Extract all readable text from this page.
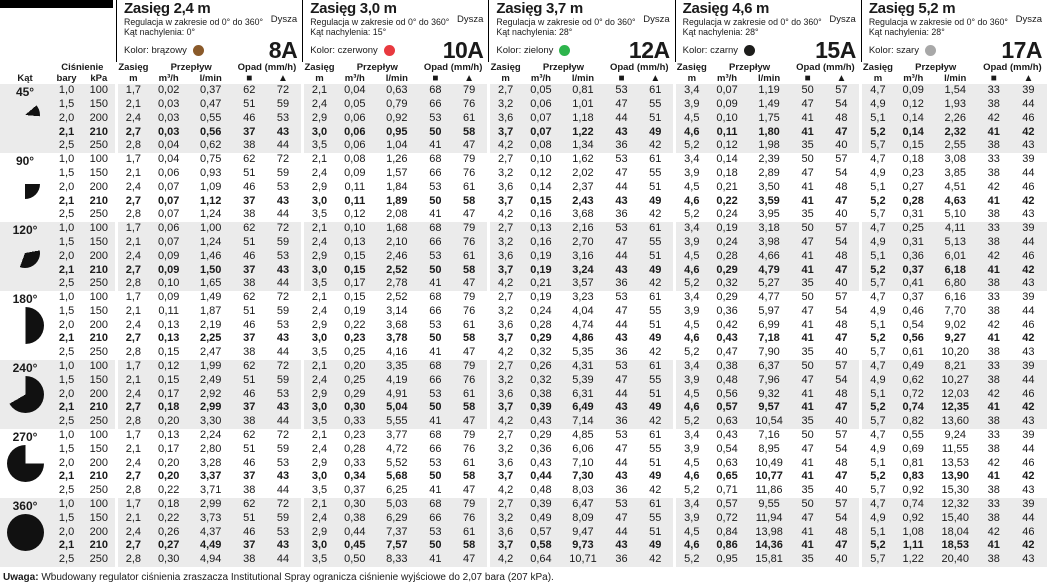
Zasięg 2,4 m
Regulacja w zakresie od 0° do 360°
Kąt nachylenia: 0°
Dysza
Kolor: brązowy	8A
Zasięg 3,0 m
Regulacja w zakresie od 0° do 360°
Kąt nachylenia: 15°
Dysza
Kolor: czerwony	10A
Zasięg 3,7 m
Regulacja w zakresie od 0° do 360°
Kąt nachylenia: 28°
Dysza
Kolor: zielony	12A
Zasięg 4,6 m
Regulacja w zakresie od 0° do 360°
Kąt nachylenia: 28°
Dysza
Kolor: czarny	15A
Zasięg 5,2 m
Regulacja w zakresie od 0° do 360°
Kąt nachylenia: 28°
Dysza
Kolor: szary	17A
	Ciśnienie		Zasięg	Przepływ		Opad (mm/h)		Zasięg	Przepływ		Opad (mm/h)		Zasięg	Przepływ		Opad (mm/h)		Zasięg	Przepływ		Opad (mm/h)		Zasięg	Przepływ		Opad (mm/h)	
Kąt	bary	kPa	m	m³/h	l/min	■	▲	m	m³/h	l/min	■	▲	m	m³/h	l/min	■	▲	m	m³/h	l/min	■	▲	m	m³/h	l/min	■	▲

45°	1,0	100	1,7	0,02	0,37	62	72	2,1	0,04	0,63	68	79	2,7	0,05	0,81	53	61	3,4	0,07	1,19	50	57	4,7	0,09	1,54	33	39
	1,5	150	2,1	0,03	0,47	51	59	2,4	0,05	0,79	66	76	3,2	0,06	1,01	47	55	3,9	0,09	1,49	47	54	4,9	0,12	1,93	38	44
	2,0	200	2,4	0,03	0,55	46	53	2,9	0,06	0,92	53	61	3,6	0,07	1,18	44	51	4,5	0,10	1,75	41	48	5,1	0,14	2,26	42	46
	2,1	210	2,7	0,03	0,56	37	43	3,0	0,06	0,95	50	58	3,7	0,07	1,22	43	49	4,6	0,11	1,80	41	47	5,2	0,14	2,32	41	42
	2,5	250	2,8	0,04	0,62	38	44	3,5	0,06	1,04	41	47	4,2	0,08	1,34	36	42	5,2	0,12	1,98	35	40	5,7	0,15	2,55	38	43

90°	1,0	100	1,7	0,04	0,75	62	72	2,1	0,08	1,26	68	79	2,7	0,10	1,62	53	61	3,4	0,14	2,39	50	57	4,7	0,18	3,08	33	39
	1,5	150	2,1	0,06	0,93	51	59	2,4	0,09	1,57	66	76	3,2	0,12	2,02	47	55	3,9	0,18	2,89	47	54	4,9	0,23	3,85	38	44
	2,0	200	2,4	0,07	1,09	46	53	2,9	0,11	1,84	53	61	3,6	0,14	2,37	44	51	4,5	0,21	3,50	41	48	5,1	0,27	4,51	42	46
	2,1	210	2,7	0,07	1,12	37	43	3,0	0,11	1,89	50	58	3,7	0,15	2,43	43	49	4,6	0,22	3,59	41	47	5,2	0,28	4,63	41	42
	2,5	250	2,8	0,07	1,24	38	44	3,5	0,12	2,08	41	47	4,2	0,16	3,68	36	42	5,2	0,24	3,95	35	40	5,7	0,31	5,10	38	43

120°	1,0	100	1,7	0,06	1,00	62	72	2,1	0,10	1,68	68	79	2,7	0,13	2,16	53	61	3,4	0,19	3,18	50	57	4,7	0,25	4,11	33	39
	1,5	150	2,1	0,07	1,24	51	59	2,4	0,13	2,10	66	76	3,2	0,16	2,70	47	55	3,9	0,24	3,98	47	54	4,9	0,31	5,13	38	44
	2,0	200	2,4	0,09	1,46	46	53	2,9	0,15	2,46	53	61	3,6	0,19	3,16	44	51	4,5	0,28	4,66	41	48	5,1	0,36	6,01	42	46
	2,1	210	2,7	0,09	1,50	37	43	3,0	0,15	2,52	50	58	3,7	0,19	3,24	43	49	4,6	0,29	4,79	41	47	5,2	0,37	6,18	41	42
	2,5	250	2,8	0,10	1,65	38	44	3,5	0,17	2,78	41	47	4,2	0,21	3,57	36	42	5,2	0,32	5,27	35	40	5,7	0,41	6,80	38	43

180°	1,0	100	1,7	0,09	1,49	62	72	2,1	0,15	2,52	68	79	2,7	0,19	3,23	53	61	3,4	0,29	4,77	50	57	4,7	0,37	6,16	33	39
	1,5	150	2,1	0,11	1,87	51	59	2,4	0,19	3,14	66	76	3,2	0,24	4,04	47	55	3,9	0,36	5,97	47	54	4,9	0,46	7,70	38	44
	2,0	200	2,4	0,13	2,19	46	53	2,9	0,22	3,68	53	61	3,6	0,28	4,74	44	51	4,5	0,42	6,99	41	48	5,1	0,54	9,02	42	46
	2,1	210	2,7	0,13	2,25	37	43	3,0	0,23	3,78	50	58	3,7	0,29	4,86	43	49	4,6	0,43	7,18	41	47	5,2	0,56	9,27	41	42
	2,5	250	2,8	0,15	2,47	38	44	3,5	0,25	4,16	41	47	4,2	0,32	5,35	36	42	5,2	0,47	7,90	35	40	5,7	0,61	10,20	38	43

240°	1,0	100	1,7	0,12	1,99	62	72	2,1	0,20	3,35	68	79	2,7	0,26	4,31	53	61	3,4	0,38	6,37	50	57	4,7	0,49	8,21	33	39
	1,5	150	2,1	0,15	2,49	51	59	2,4	0,25	4,19	66	76	3,2	0,32	5,39	47	55	3,9	0,48	7,96	47	54	4,9	0,62	10,27	38	44
	2,0	200	2,4	0,17	2,92	46	53	2,9	0,29	4,91	53	61	3,6	0,38	6,31	44	51	4,5	0,56	9,32	41	48	5,1	0,72	12,03	42	46
	2,1	210	2,7	0,18	2,99	37	43	3,0	0,30	5,04	50	58	3,7	0,39	6,49	43	49	4,6	0,57	9,57	41	47	5,2	0,74	12,35	41	42
	2,5	250	2,8	0,20	3,30	38	44	3,5	0,33	5,55	41	47	4,2	0,43	7,14	36	42	5,2	0,63	10,54	35	40	5,7	0,82	13,60	38	43

270°	1,0	100	1,7	0,13	2,24	62	72	2,1	0,23	3,77	68	79	2,7	0,29	4,85	53	61	3,4	0,43	7,16	50	57	4,7	0,55	9,24	33	39
	1,5	150	2,1	0,17	2,80	51	59	2,4	0,28	4,72	66	76	3,2	0,36	6,06	47	55	3,9	0,54	8,95	47	54	4,9	0,69	11,55	38	44
	2,0	200	2,4	0,20	3,28	46	53	2,9	0,33	5,52	53	61	3,6	0,43	7,10	44	51	4,5	0,63	10,49	41	48	5,1	0,81	13,53	42	46
	2,1	210	2,7	0,20	3,37	37	43	3,0	0,34	5,68	50	58	3,7	0,44	7,30	43	49	4,6	0,65	10,77	41	47	5,2	0,83	13,90	41	42
	2,5	250	2,8	0,22	3,71	38	44	3,5	0,37	6,25	41	47	4,2	0,48	8,03	36	42	5,2	0,71	11,86	35	40	5,7	0,92	15,30	38	43

360°	1,0	100	1,7	0,18	2,99	62	72	2,1	0,30	5,03	68	79	2,7	0,39	6,47	53	61	3,4	0,57	9,55	50	57	4,7	0,74	12,32	33	39
	1,5	150	2,1	0,22	3,73	51	59	2,4	0,38	6,29	66	76	3,2	0,49	8,09	47	55	3,9	0,72	11,94	47	54	4,9	0,92	15,40	38	44
	2,0	200	2,4	0,26	4,37	46	53	2,9	0,44	7,37	53	61	3,6	0,57	9,47	44	51	4,5	0,84	13,98	41	48	5,1	1,08	18,04	42	46
	2,1	210	2,7	0,27	4,49	37	43	3,0	0,45	7,57	50	58	3,7	0,58	9,73	43	49	4,6	0,86	14,36	41	47	5,2	1,11	18,53	41	42
	2,5	250	2,8	0,30	4,94	38	44	3,5	0,50	8,33	41	47	4,2	0,64	10,71	36	42	5,2	0,95	15,81	35	40	5,7	1,22	20,40	38	43
Uwaga: Wbudowany regulator ciśnienia zraszacza Institutional Spray ogranicza ciśnienie wyjściowe do 2,07 bara (207 kPa).
